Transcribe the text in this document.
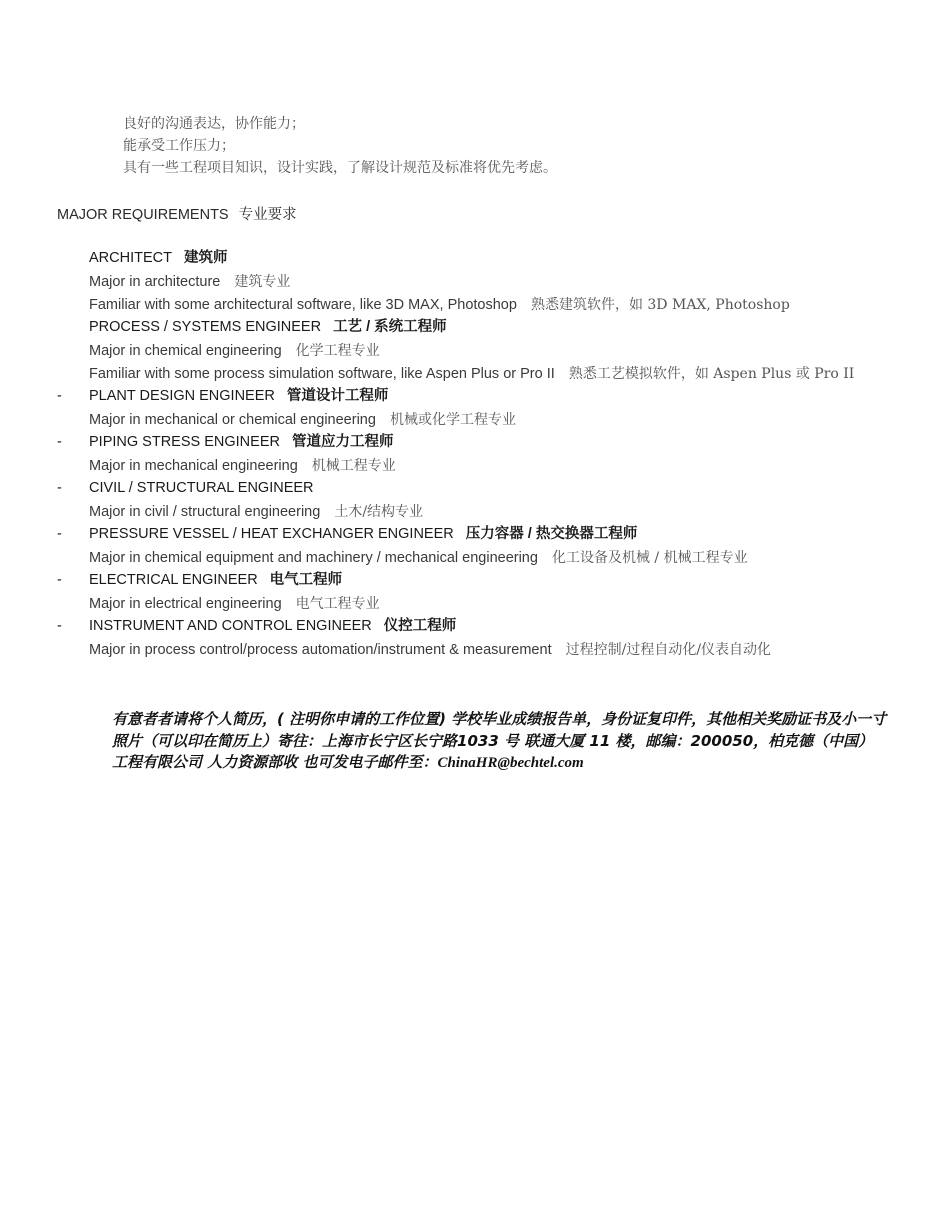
良好的沟通表达，协作能力；
能承受工作压力；
具有一些工程项目知识，设计实践，了解设计规范及标准将优先考虑。
MAJOR REQUIREMENTS 专业要求
ARCHITECT 建筑师
Major in architecture 建筑专业
Familiar with some architectural software, like 3D MAX, Photoshop 熟悉建筑软件，如 3D MAX, Photoshop
PROCESS / SYSTEMS ENGINEER 工艺 / 系统工程师
Major in chemical engineering 化学工程专业
Familiar with some process simulation software, like Aspen Plus or Pro II 熟悉工艺模拟软件，如 Aspen Plus 或 Pro II
- PLANT DESIGN ENGINEER 管道设计工程师
Major in mechanical or chemical engineering 机械或化学工程专业
- PIPING STRESS ENGINEER 管道应力工程师
Major in mechanical engineering 机械工程专业
- CIVIL / STRUCTURAL ENGINEER
Major in civil / structural engineering 土木/结构专业
- PRESSURE VESSEL / HEAT EXCHANGER ENGINEER 压力容器 / 热交换器工程师
Major in chemical equipment and machinery / mechanical engineering 化工设备及机械 / 机械工程专业
- ELECTRICAL ENGINEER 电气工程师
Major in electrical engineering 电气工程专业
- INSTRUMENT AND CONTROL ENGINEER 仪控工程师
Major in process control/process automation/instrument & measurement 过程控制/过程自动化/仪表自动化
有意者者请将个人简历，( 注明你申请的工作位置) 学校毕业成绩报告单，身份证复印件，其他相关奖励证书及小一寸照片（可以印在简历上）寄往：上海市长宁区长宁路1033 号 联通大厦 11 楼，邮编：200050，柏克德（中国）工程有限公司 人力资源部收 也可发电子邮件至：ChinaHR@bechtel.com
